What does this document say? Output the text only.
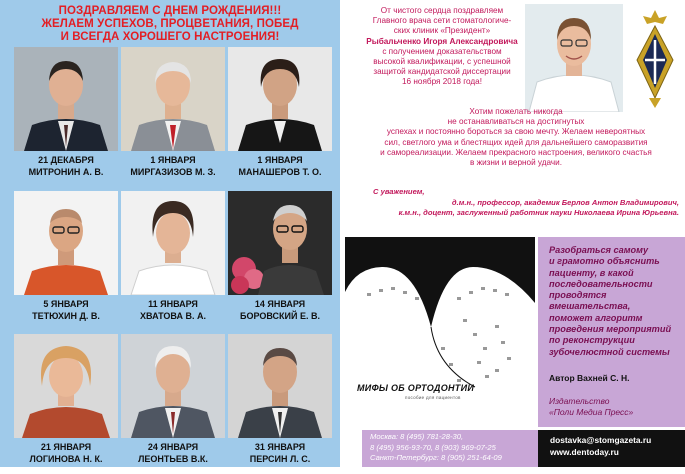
ПОЗДРАВЛЯЕМ С ДНЕМ РОЖДЕНИЯ!!!
ЖЕЛАЕМ УСПЕХОВ, ПРОЦВЕТАНИЯ, ПОБЕД
И ВСЕГДА ХОРОШЕГО НАСТРОЕНИЯ!
21 ДЕКАБРЯ
МИТРОНИН А. В.
1 ЯНВАРЯ
МИРГАЗИЗОВ М. З.
1 ЯНВАРЯ
МАНАШЕРОВ Т. О.
5 ЯНВАРЯ
ТЕТЮХИН Д. В.
11 ЯНВАРЯ
ХВАТОВА В. А.
14 ЯНВАРЯ
БОРОВСКИЙ Е. В.
21 ЯНВАРЯ
ЛОГИНОВА Н. К.
24 ЯНВАРЯ
ЛЕОНТЬЕВ В.К.
31 ЯНВАРЯ
ПЕРСИН Л. С.
От чистого сердца поздравляем
Главного врача сети стоматологиче-
ских клиник «Президент»
Рыбальченко Игоря Александровича
с получением доказательством
высокой квалификации, с успешной
защитой кандидатской диссертации
16 ноября 2018 года!
Хотим пожелать никогда
не останавливаться на достигнутых
успехах и постоянно бороться за свою мечту. Желаем невероятных
сил, светлого ума и блестящих идей для дальнейшего саморазвития
и самореализации. Желаем прекрасного настроения, великого счастья
в жизни и верной удачи.
С уважением,
д.м.н., профессор, академик Берлов Антон Владимирович,
к.м.н., доцент, заслуженный работник науки Николаева Ирина Юрьевна.
МИФЫ ОБ ОРТОДОНТИИ
пособие для пациентов
Разобраться самому
и грамотно объяснить
пациенту, в какой
последовательности
проводятся
вмешательства,
поможет алгоритм
проведения мероприятий
по реконструкции
зубочелюстной системы
Автор Вахней С. Н.
Издательство
«Поли Медиа Пресс»
Москва: 8 (495) 781-28-30,
8 (495) 956-93-70, 8 (903) 969-07-25
Санкт-Петербург: 8 (905) 251-64-09
dostavka@stomgazeta.ru
www.dentoday.ru
